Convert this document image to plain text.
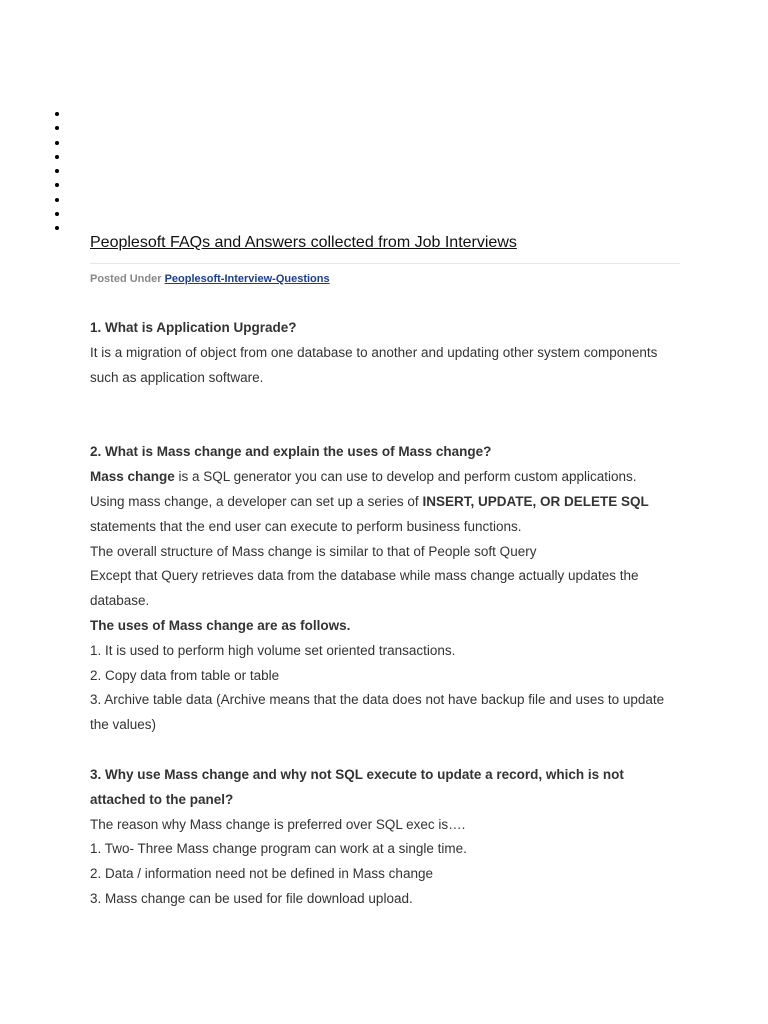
Peoplesoft FAQs and Answers collected from Job Interviews
Posted Under Peoplesoft-Interview-Questions

1. What is Application Upgrade?

It is a migration of object from one database to another and updating other system components such as application software.

2. What is Mass change and explain the uses of Mass change?

Mass change is a SQL generator you can use to develop and perform custom applications.

Using mass change, a developer can set up a series of INSERT, UPDATE, OR DELETE SQL statements that the end user can execute to perform business functions.

The overall structure of Mass change is similar to that of People soft Query

Except that Query retrieves data from the database while mass change actually updates the database.

The uses of Mass change are as follows.

1. It is used to perform high volume set oriented transactions.

2. Copy data from table or table

3. Archive table data (Archive means that the data does not have backup file and uses to update the values)

3. Why use Mass change and why not SQL execute to update a record, which is not attached to the panel?

The reason why Mass change is preferred over SQL exec is….

1. Two- Three Mass change program can work at a single time.

2. Data / information need not be defined in Mass change

3. Mass change can be used for file download upload.
